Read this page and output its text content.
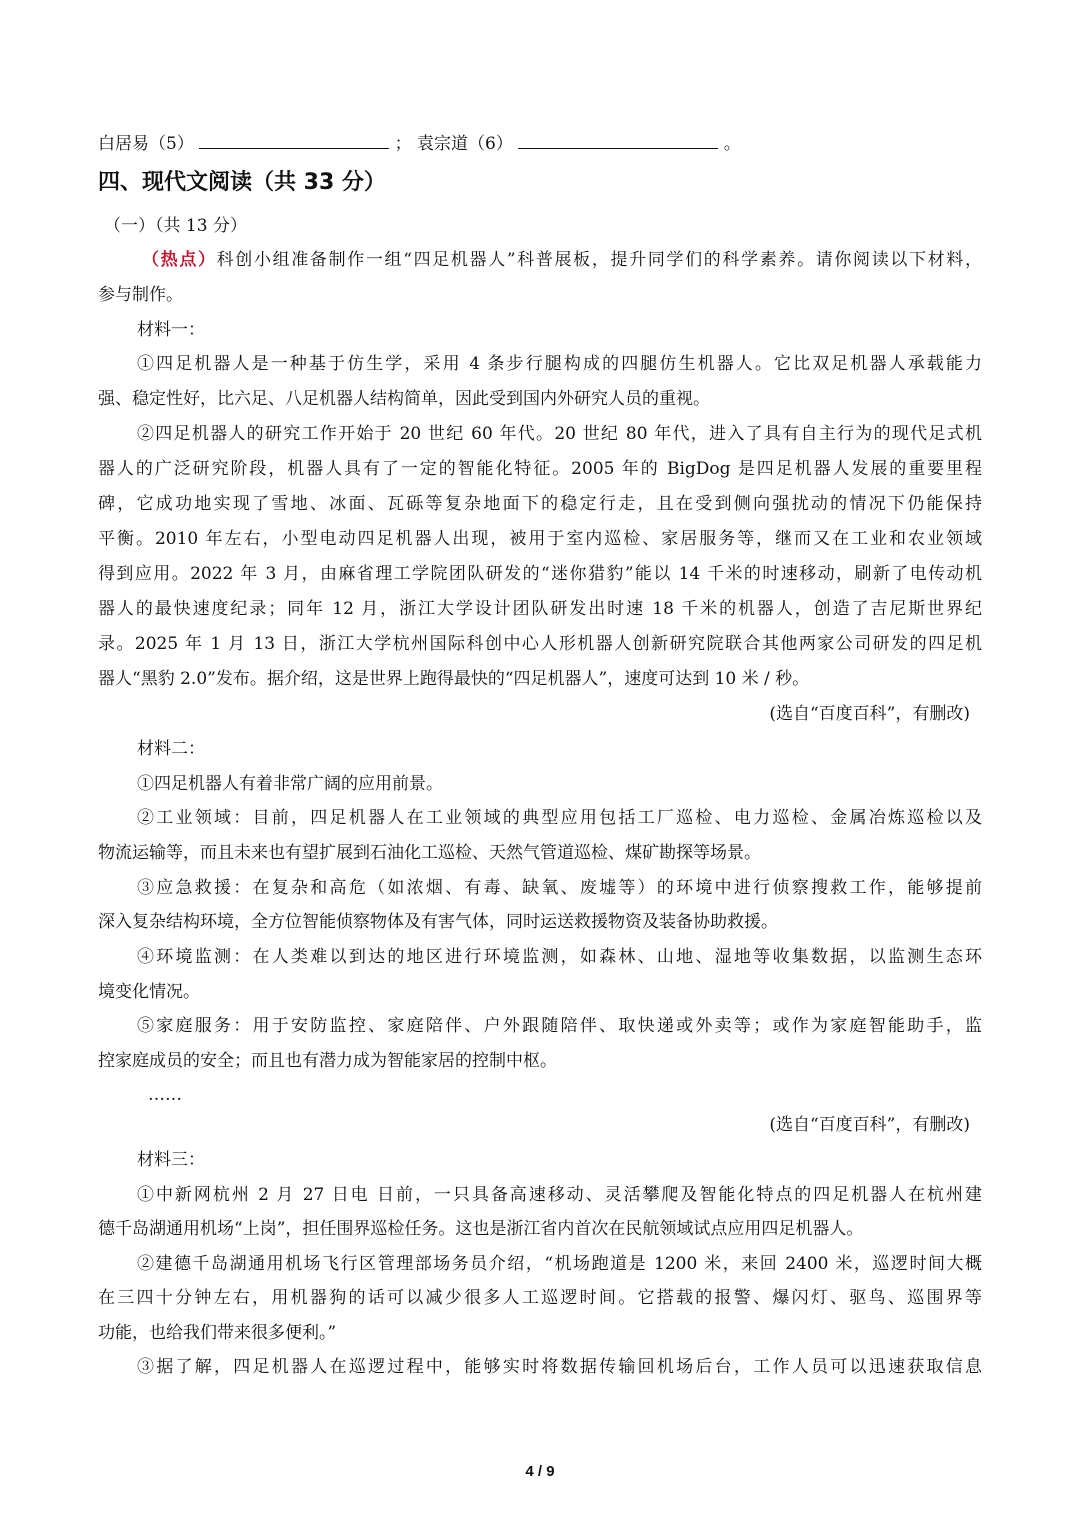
白居易（5）	； 袁宗道（6）	。
四、现代文阅读（共 33 分）
（一）（共 13 分）
（热点）科创小组准备制作一组“四足机器人”科普展板，提升同学们的科学素养。请你阅读以下材料，
参与制作。
材料一：
①四足机器人是一种基于仿生学，采用 4 条步行腿构成的四腿仿生机器人。它比双足机器人承载能力
强、稳定性好，比六足、八足机器人结构简单，因此受到国内外研究人员的重视。
②四足机器人的研究工作开始于 20 世纪 60 年代。20 世纪 80 年代，进入了具有自主行为的现代足式机
器人的广泛研究阶段，机器人具有了一定的智能化特征。2005 年的 BigDog 是四足机器人发展的重要里程
碑，它成功地实现了雪地、冰面、瓦砾等复杂地面下的稳定行走，且在受到侧向强扰动的情况下仍能保持
平衡。2010 年左右，小型电动四足机器人出现，被用于室内巡检、家居服务等，继而又在工业和农业领域
得到应用。2022 年 3 月，由麻省理工学院团队研发的“迷你猎豹”能以 14 千米的时速移动，刷新了电传动机
器人的最快速度纪录；同年 12 月，浙江大学设计团队研发出时速 18 千米的机器人，创造了吉尼斯世界纪
录。2025 年 1 月 13 日，浙江大学杭州国际科创中心人形机器人创新研究院联合其他两家公司研发的四足机
器人“黑豹 2.0”发布。据介绍，这是世界上跑得最快的“四足机器人”，速度可达到 10 米 / 秒。
(选自“百度百科”，有删改)
材料二：
①四足机器人有着非常广阔的应用前景。
②工业领域：目前，四足机器人在工业领域的典型应用包括工厂巡检、电力巡检、金属冶炼巡检以及
物流运输等，而且未来也有望扩展到石油化工巡检、天然气管道巡检、煤矿勘探等场景。
③应急救援：在复杂和高危（如浓烟、有毒、缺氧、废墟等）的环境中进行侦察搜救工作，能够提前
深入复杂结构环境，全方位智能侦察物体及有害气体，同时运送救援物资及装备协助救援。
④环境监测：在人类难以到达的地区进行环境监测，如森林、山地、湿地等收集数据，以监测生态环
境变化情况。
⑤家庭服务：用于安防监控、家庭陪伴、户外跟随陪伴、取快递或外卖等；或作为家庭智能助手，监
控家庭成员的安全；而且也有潜力成为智能家居的控制中枢。
……
(选自“百度百科”，有删改)
材料三：
①中新网杭州 2 月 27 日电 日前，一只具备高速移动、灵活攀爬及智能化特点的四足机器人在杭州建
德千岛湖通用机场“上岗”，担任围界巡检任务。这也是浙江省内首次在民航领域试点应用四足机器人。
②建德千岛湖通用机场飞行区管理部场务员介绍，“机场跑道是 1200 米，来回 2400 米，巡逻时间大概
在三四十分钟左右，用机器狗的话可以减少很多人工巡逻时间。它搭载的报警、爆闪灯、驱鸟、巡围界等
功能，也给我们带来很多便利。”
③据了解，四足机器人在巡逻过程中，能够实时将数据传输回机场后台，工作人员可以迅速获取信息
4 / 9
